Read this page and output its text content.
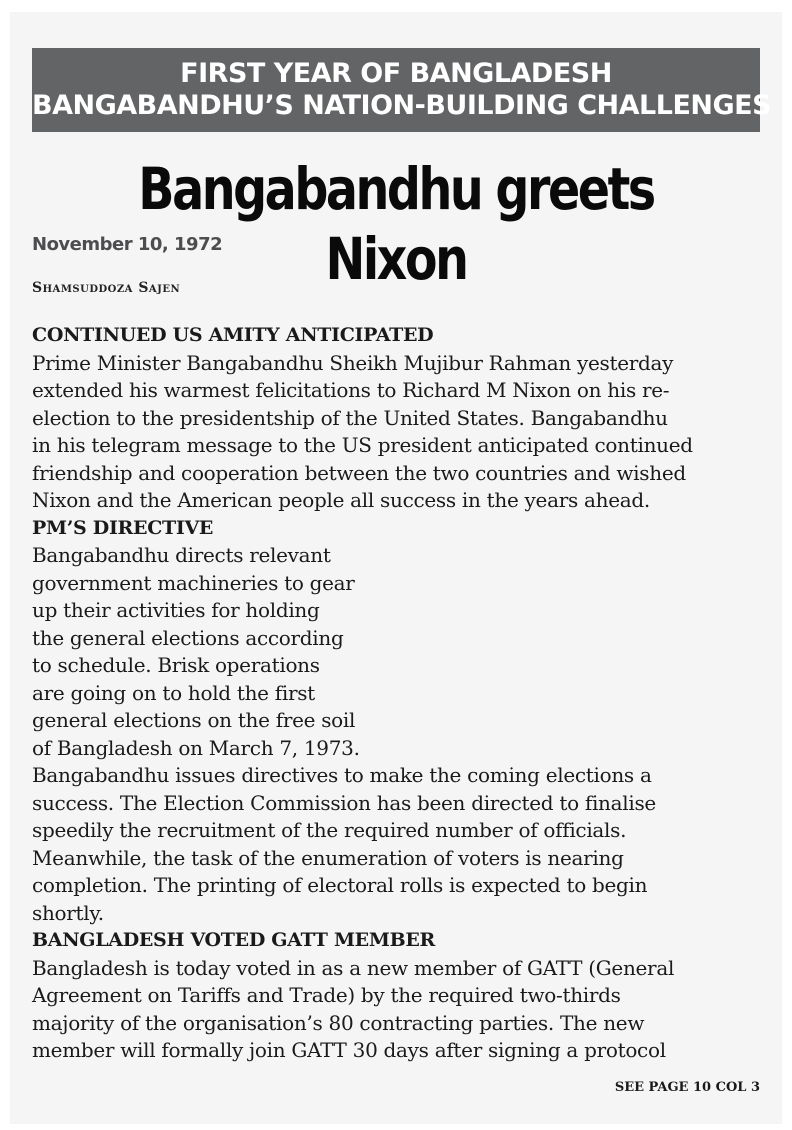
FIRST YEAR OF BANGLADESH
BANGABANDHU’S NATION-BUILDING CHALLENGES
Bangabandhu greets Nixon
November 10, 1972
Shamsuddoza Sajen
CONTINUED US AMITY ANTICIPATED
Prime Minister Bangabandhu Sheikh Mujibur Rahman yesterday
extended his warmest felicitations to Richard M Nixon on his re-
election to the presidentship of the United States. Bangabandhu
in his telegram message to the US president anticipated continued
friendship and cooperation between the two countries and wished
Nixon and the American people all success in the years ahead.
PM’S DIRECTIVE
Bangabandhu directs relevant
government machineries to gear
up their activities for holding
the general elections according
to schedule. Brisk operations
are going on to hold the first
general elections on the free soil
of Bangladesh on March 7, 1973.
Bangabandhu issues directives to make the coming elections a
success. The Election Commission has been directed to finalise
speedily the recruitment of the required number of officials.
Meanwhile, the task of the enumeration of voters is nearing
completion. The printing of electoral rolls is expected to begin
shortly.
BANGLADESH VOTED GATT MEMBER
Bangladesh is today voted in as a new member of GATT (General
Agreement on Tariffs and Trade) by the required two-thirds
majority of the organisation’s 80 contracting parties. The new
member will formally join GATT 30 days after signing a protocol
SEE PAGE 10 COL 3
